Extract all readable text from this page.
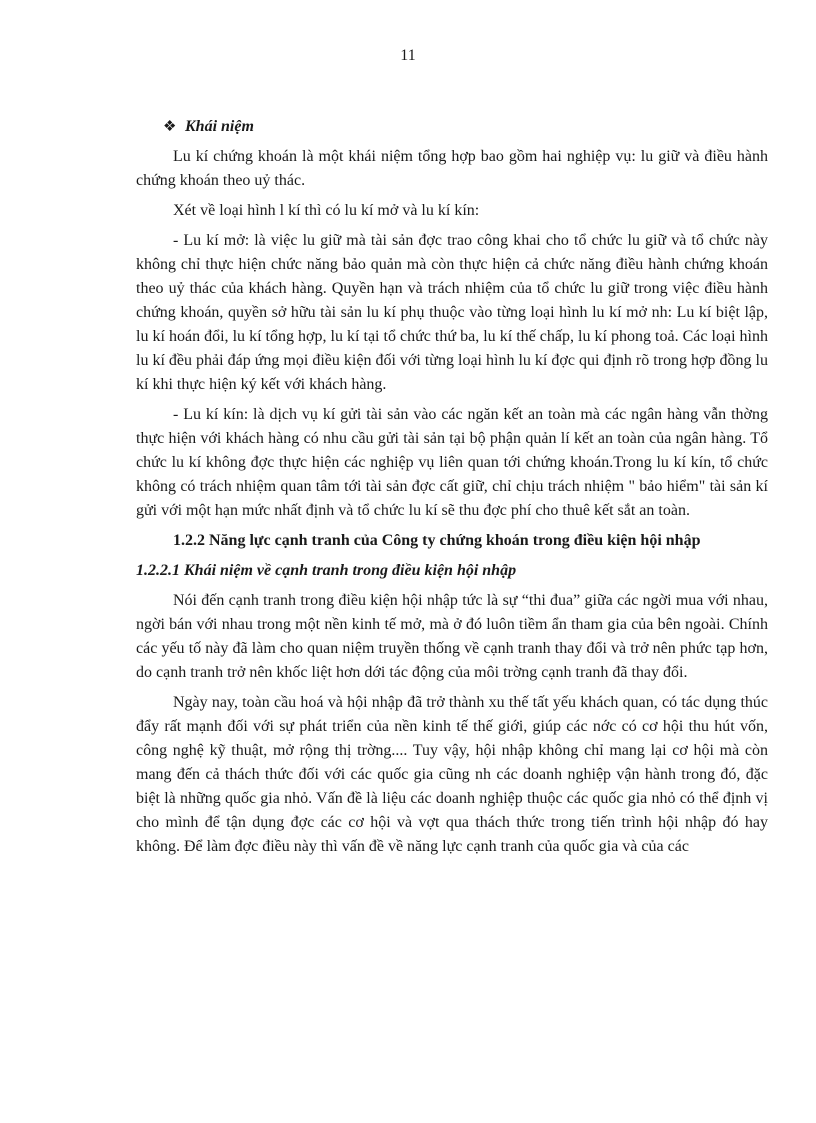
11
❖ Khái niệm

Lu kí chứng khoán là một khái niệm tổng hợp bao gồm hai nghiệp vụ: lu giữ và điều hành chứng khoán theo uỷ thác.

Xét về loại hình l kí thì có lu kí mở và lu kí kín:

- Lu kí mở: là việc lu giữ mà tài sản đợc trao công khai cho tổ chức lu giữ và tổ chức này không chỉ thực hiện chức năng bảo quản mà còn thực hiện cả chức năng điều hành chứng khoán theo uỷ thác của khách hàng. Quyền hạn và trách nhiệm của tổ chức lu giữ trong việc điều hành chứng khoán, quyền sở hữu tài sản lu kí phụ thuộc vào từng loại hình lu kí mở nh: Lu kí biệt lập, lu kí hoán đổi, lu kí tổng hợp, lu kí tại tổ chức thứ ba, lu kí thế chấp, lu kí phong toả. Các loại hình lu kí đều phải đáp ứng mọi điều kiện đối với từng loại hình lu kí đợc qui định rõ trong hợp đồng lu kí khi thực hiện ký kết với khách hàng.

- Lu kí kín: là dịch vụ kí gửi tài sản vào các ngăn kết an toàn mà các ngân hàng vẫn thờng thực hiện với khách hàng có nhu cầu gửi tài sản tại bộ phận quản lí kết an toàn của ngân hàng. Tổ chức lu kí không đợc thực hiện các nghiệp vụ liên quan tới chứng khoán.Trong lu kí kín, tổ chức không có trách nhiệm quan tâm tới tài sản đợc cất giữ, chỉ chịu trách nhiệm " bảo hiểm" tài sản kí gửi với một hạn mức nhất định và tổ chức lu kí sẽ thu đợc phí cho thuê kết sắt an toàn.

1.2.2 Năng lực cạnh tranh của Công ty chứng khoán trong điều kiện hội nhập
1.2.2.1 Khái niệm về cạnh tranh trong điều kiện hội nhập

Nói đến cạnh tranh trong điều kiện hội nhập tức là sự “thi đua” giữa các ngời mua với nhau, ngời bán với nhau trong một nền kinh tế mở, mà ở đó luôn tiềm ẩn tham gia của bên ngoài. Chính các yếu tố này đã làm cho quan niệm truyền thống về cạnh tranh thay đổi và trở nên phức tạp hơn, do cạnh tranh trở nên khốc liệt hơn dới tác động của môi trờng cạnh tranh đã thay đổi.

Ngày nay, toàn cầu hoá và hội nhập đã trở thành xu thế tất yếu khách quan, có tác dụng thúc đẩy rất mạnh đối với sự phát triển của nền kinh tế thế giới, giúp các nớc có cơ hội thu hút vốn, công nghệ kỹ thuật, mở rộng thị trờng.... Tuy vậy, hội nhập không chỉ mang lại cơ hội mà còn mang đến cả thách thức đối với các quốc gia cũng nh các doanh nghiệp vận hành trong đó, đặc biệt là những quốc gia nhỏ. Vấn đề là liệu các doanh nghiệp thuộc các quốc gia nhỏ có thể định vị cho mình để tận dụng đợc các cơ hội và vợt qua thách thức trong tiến trình hội nhập đó hay không. Để làm đợc điều này thì vấn đề về năng lực cạnh tranh của quốc gia và của các
